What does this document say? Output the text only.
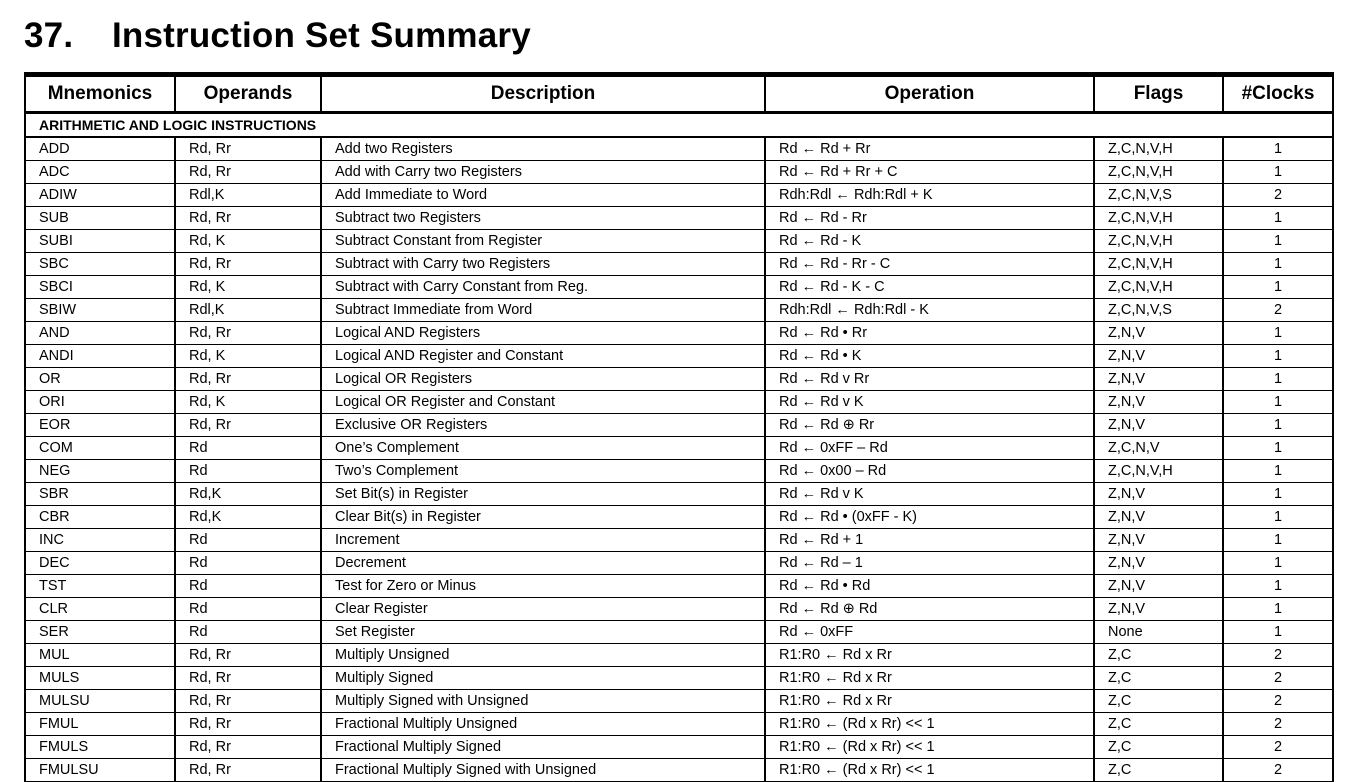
37. Instruction Set Summary
Mnemonics	Operands	Description	Operation	Flags	#Clocks
ARITHMETIC AND LOGIC INSTRUCTIONS					
ADD	Rd, Rr	Add two Registers	Rd ← Rd + Rr	Z,C,N,V,H	1
ADC	Rd, Rr	Add with Carry two Registers	Rd ← Rd + Rr + C	Z,C,N,V,H	1
ADIW	Rdl,K	Add Immediate to Word	Rdh:Rdl ← Rdh:Rdl + K	Z,C,N,V,S	2
SUB	Rd, Rr	Subtract two Registers	Rd ← Rd - Rr	Z,C,N,V,H	1
SUBI	Rd, K	Subtract Constant from Register	Rd ← Rd - K	Z,C,N,V,H	1
SBC	Rd, Rr	Subtract with Carry two Registers	Rd ← Rd - Rr - C	Z,C,N,V,H	1
SBCI	Rd, K	Subtract with Carry Constant from Reg.	Rd ← Rd - K - C	Z,C,N,V,H	1
SBIW	Rdl,K	Subtract Immediate from Word	Rdh:Rdl ← Rdh:Rdl - K	Z,C,N,V,S	2
AND	Rd, Rr	Logical AND Registers	Rd ← Rd • Rr	Z,N,V	1
ANDI	Rd, K	Logical AND Register and Constant	Rd ← Rd • K	Z,N,V	1
OR	Rd, Rr	Logical OR Registers	Rd ← Rd v Rr	Z,N,V	1
ORI	Rd, K	Logical OR Register and Constant	Rd ← Rd v K	Z,N,V	1
EOR	Rd, Rr	Exclusive OR Registers	Rd ← Rd ⊕ Rr	Z,N,V	1
COM	Rd	One’s Complement	Rd ← 0xFF – Rd	Z,C,N,V	1
NEG	Rd	Two’s Complement	Rd ← 0x00 – Rd	Z,C,N,V,H	1
SBR	Rd,K	Set Bit(s) in Register	Rd ← Rd v K	Z,N,V	1
CBR	Rd,K	Clear Bit(s) in Register	Rd ← Rd • (0xFF - K)	Z,N,V	1
INC	Rd	Increment	Rd ← Rd + 1	Z,N,V	1
DEC	Rd	Decrement	Rd ← Rd – 1	Z,N,V	1
TST	Rd	Test for Zero or Minus	Rd ← Rd • Rd	Z,N,V	1
CLR	Rd	Clear Register	Rd ← Rd ⊕ Rd	Z,N,V	1
SER	Rd	Set Register	Rd ← 0xFF	None	1
MUL	Rd, Rr	Multiply Unsigned	R1:R0 ← Rd x Rr	Z,C	2
MULS	Rd, Rr	Multiply Signed	R1:R0 ← Rd x Rr	Z,C	2
MULSU	Rd, Rr	Multiply Signed with Unsigned	R1:R0 ← Rd x Rr	Z,C	2
FMUL	Rd, Rr	Fractional Multiply Unsigned	R1:R0 ← (Rd x Rr) << 1	Z,C	2
FMULS	Rd, Rr	Fractional Multiply Signed	R1:R0 ← (Rd x Rr) << 1	Z,C	2
FMULSU	Rd, Rr	Fractional Multiply Signed with Unsigned	R1:R0 ← (Rd x Rr) << 1	Z,C	2
